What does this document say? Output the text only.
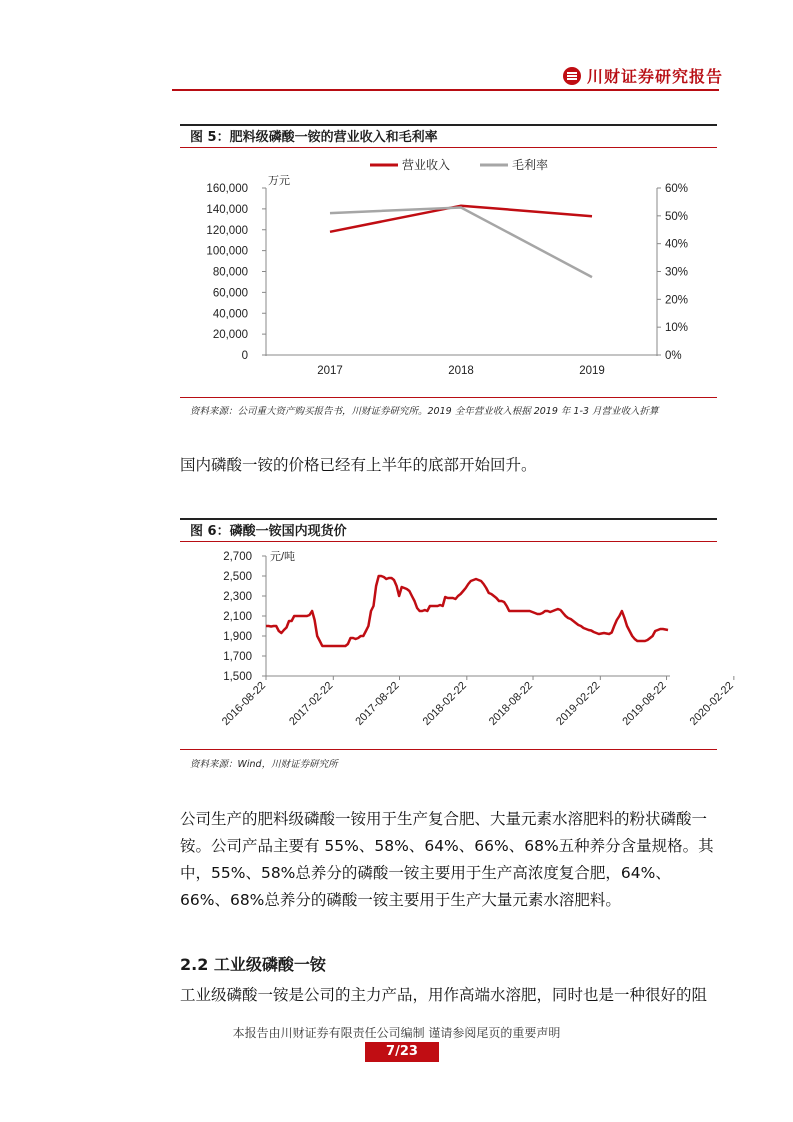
川财证券研究报告
图 5：肥料级磷酸一铵的营业收入和毛利率
营业收入	毛利率
万元
160,000
140,000
120,000
100,000
80,000
60,000
40,000
20,000
0
60%
50%
40%
30%
20%
10%
0%
2017	2018	2019
资料来源：公司重大资产购买报告书，川财证券研究所。2019 全年营业收入根据 2019 年 1-3 月营业收入折算
国内磷酸一铵的价格已经有上半年的底部开始回升。
图 6：磷酸一铵国内现货价
元/吨
2,700
2,500
2,300
2,100
1,900
1,700
1,500
2016-08-22 2017-02-22 2017-08-22 2018-02-22 2018-08-22 2019-02-22 2019-08-22 2020-02-22
资料来源：Wind，川财证券研究所
公司生产的肥料级磷酸一铵用于生产复合肥、大量元素水溶肥料的粉状磷酸一铵。公司产品主要有 55%、58%、64%、66%、68%五种养分含量规格。其中，55%、58%总养分的磷酸一铵主要用于生产高浓度复合肥，64%、66%、68%总养分的磷酸一铵主要用于生产大量元素水溶肥料。
2.2 工业级磷酸一铵
工业级磷酸一铵是公司的主力产品，用作高端水溶肥，同时也是一种很好的阻
本报告由川财证券有限责任公司编制 谨请参阅尾页的重要声明
7/23
